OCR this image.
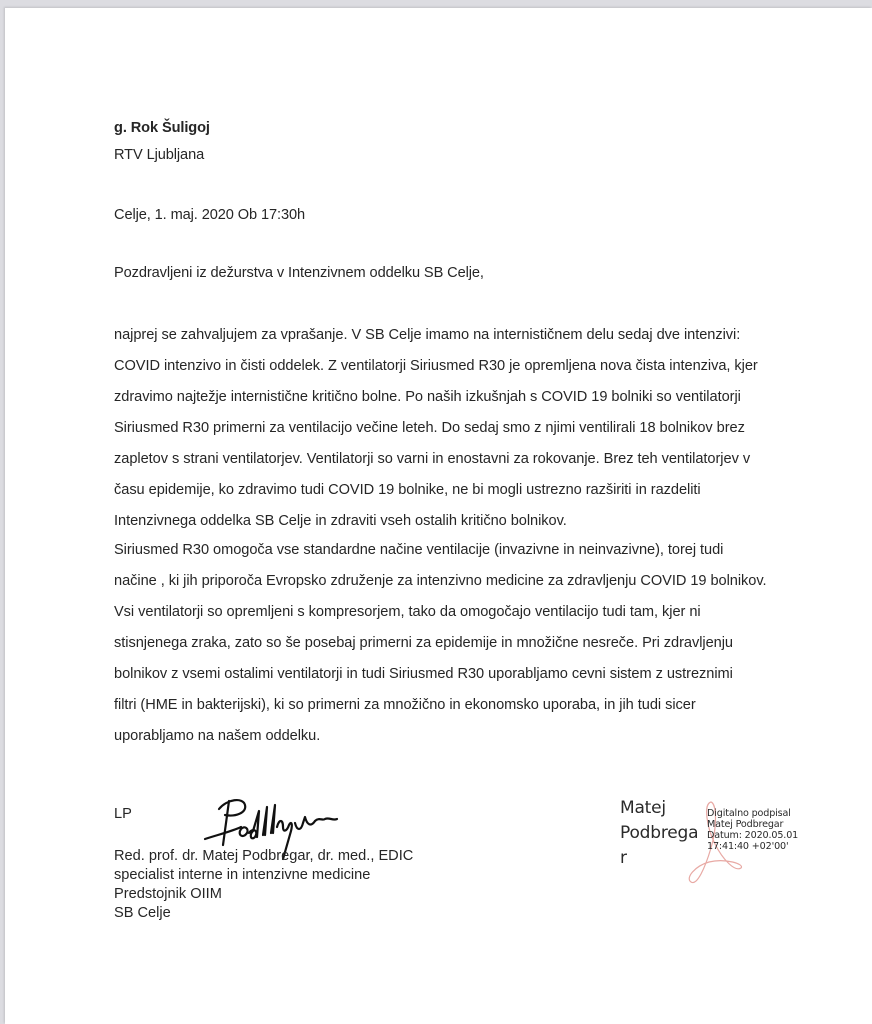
g. Rok Šuligoj
RTV Ljubljana
Celje, 1. maj. 2020 Ob 17:30h
Pozdravljeni iz dežurstva v Intenzivnem oddelku SB Celje,
najprej se zahvaljujem za vprašanje. V SB Celje imamo na internističnem delu sedaj dve intenzivi:
COVID intenzivo in čisti oddelek. Z ventilatorji Siriusmed R30 je opremljena nova čista intenziva, kjer
zdravimo najtežje internistične kritično bolne. Po naših izkušnjah s COVID 19 bolniki so ventilatorji
Siriusmed R30 primerni za ventilacijo večine leteh. Do sedaj smo z njimi ventilirali 18 bolnikov brez
zapletov s strani ventilatorjev. Ventilatorji so varni in enostavni za rokovanje. Brez teh ventilatorjev v
času epidemije, ko zdravimo tudi COVID 19 bolnike, ne bi mogli ustrezno razširiti in razdeliti
Intenzivnega oddelka SB Celje in zdraviti vseh ostalih kritično bolnikov.
Siriusmed R30 omogoča vse standardne načine ventilacije (invazivne in neinvazivne), torej tudi
načine , ki jih priporoča Evropsko združenje za intenzivno medicine za zdravljenju COVID 19 bolnikov.
Vsi ventilatorji so opremljeni s kompresorjem, tako da omogočajo ventilacijo tudi tam, kjer ni
stisnjenega zraka, zato so še posebaj primerni za epidemije in množične nesreče. Pri zdravljenju
bolnikov z vsemi ostalimi ventilatorji in tudi Siriusmed R30 uporabljamo cevni sistem z ustreznimi
filtri (HME in bakterijski), ki so primerni za množično in ekonomsko uporaba, in jih tudi sicer
uporabljamo na našem oddelku.
LP
Red. prof. dr. Matej Podbregar, dr. med., EDIC
specialist interne in intenzivne medicine
Predstojnik OIIM
SB Celje
Matej
Podbrega
r
Digitalno podpisal
Matej Podbregar
Datum: 2020.05.01
17:41:40 +02'00'
